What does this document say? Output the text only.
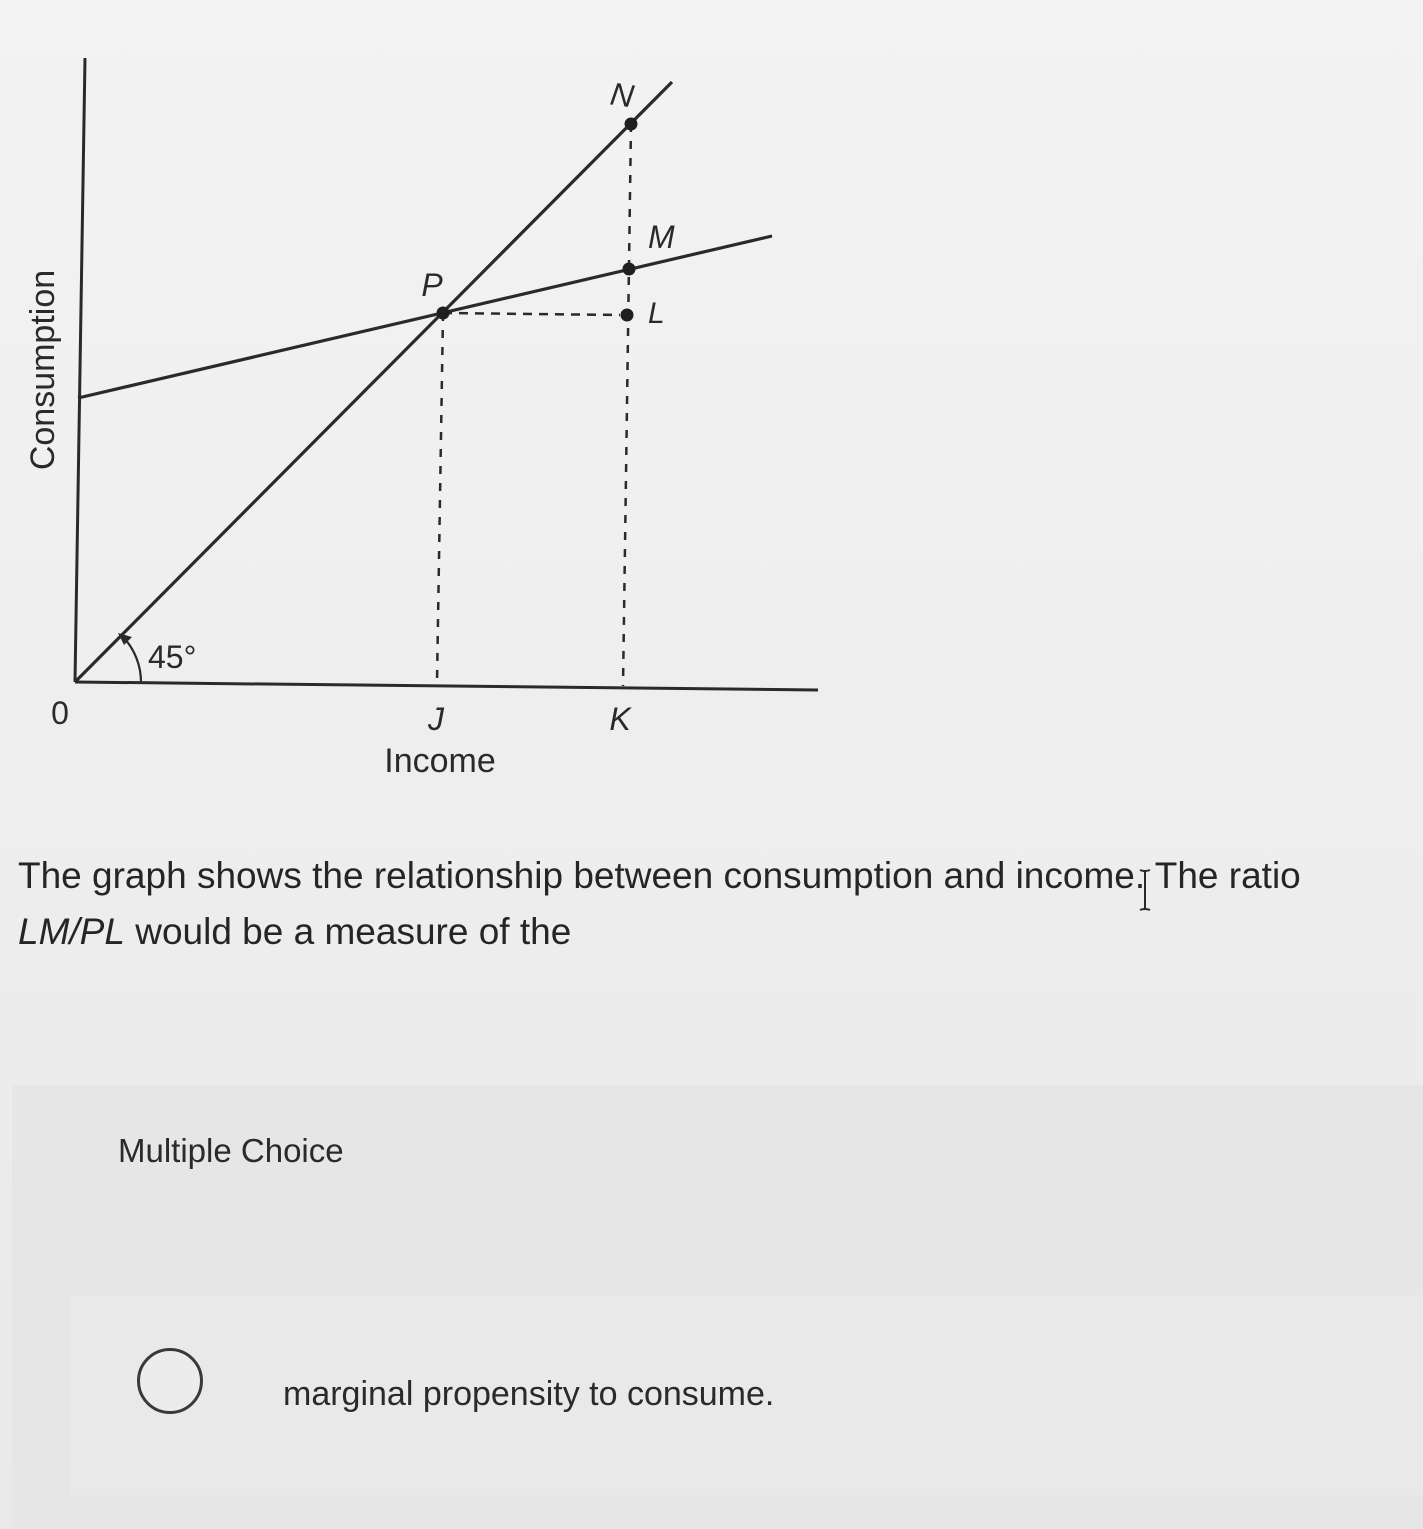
Consumption
Income
0
45°
N
M
P
L
J	K
The graph shows the relationship between consumption and income. The ratio LM/PL would be a measure of the
Multiple Choice
marginal propensity to consume.
